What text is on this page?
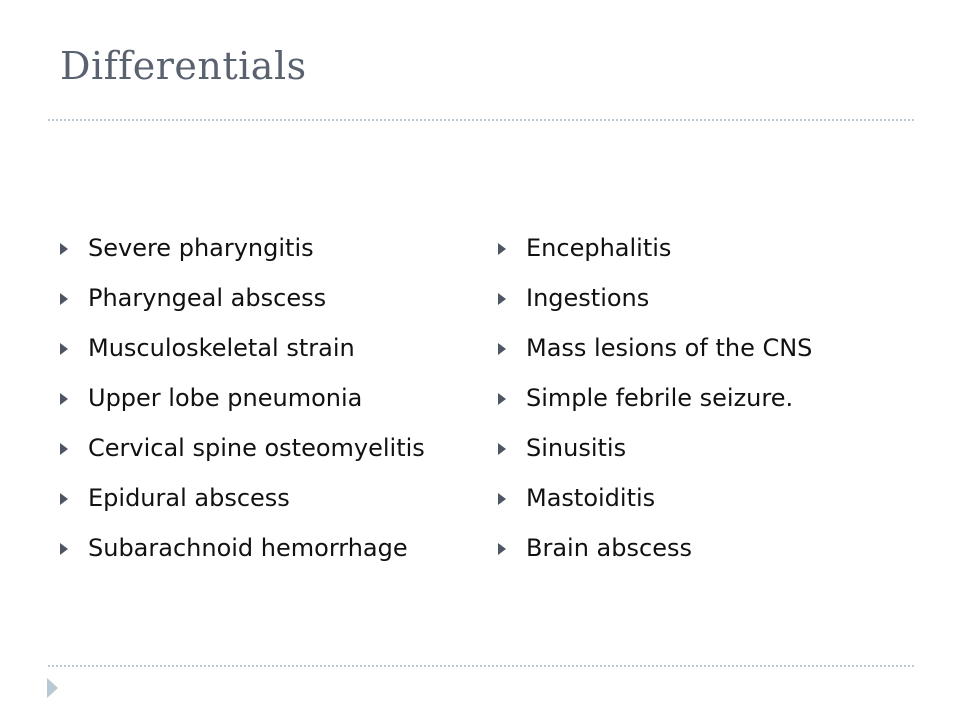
Differentials
Severe pharyngitis
Pharyngeal abscess
Musculoskeletal strain
Upper lobe pneumonia
Cervical spine osteomyelitis
Epidural abscess
Subarachnoid hemorrhage
Encephalitis
Ingestions
Mass lesions of the CNS
Simple febrile seizure.
Sinusitis
Mastoiditis
Brain abscess
